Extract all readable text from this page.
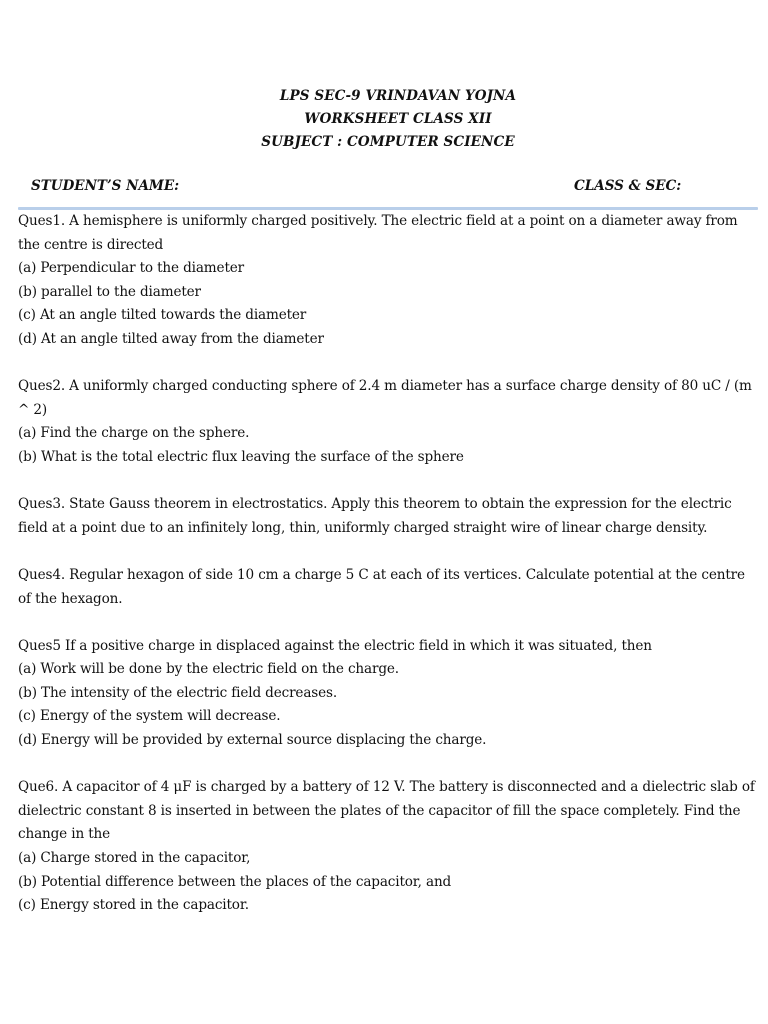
LPS SEC-9 VRINDAVAN YOJNA
WORKSHEET CLASS XII
SUBJECT : COMPUTER SCIENCE
STUDENT’S NAME:	CLASS & SEC:
Ques1. A hemisphere is uniformly charged positively. The electric field at a point on a diameter away from the centre is directed
(a) Perpendicular to the diameter
(b) parallel to the diameter
(c) At an angle tilted towards the diameter
(d) At an angle tilted away from the diameter
Ques2. A uniformly charged conducting sphere of 2.4 m diameter has a surface charge density of 80 uC / (m ^ 2)
(a) Find the charge on the sphere.
(b) What is the total electric flux leaving the surface of the sphere
Ques3. State Gauss theorem in electrostatics. Apply this theorem to obtain the expression for the electric field at a point due to an infinitely long, thin, uniformly charged straight wire of linear charge density.
Ques4. Regular hexagon of side 10 cm a charge 5 C at each of its vertices. Calculate potential at the centre of the hexagon.
Ques5 If a positive charge in displaced against the electric field in which it was situated, then
(a) Work will be done by the electric field on the charge.
(b) The intensity of the electric field decreases.
(c) Energy of the system will decrease.
(d) Energy will be provided by external source displacing the charge.
Que6. A capacitor of 4 μF is charged by a battery of 12 V. The battery is disconnected and a dielectric slab of dielectric constant 8 is inserted in between the plates of the capacitor of fill the space completely. Find the change in the
(a) Charge stored in the capacitor,
(b) Potential difference between the places of the capacitor, and
(c) Energy stored in the capacitor.
